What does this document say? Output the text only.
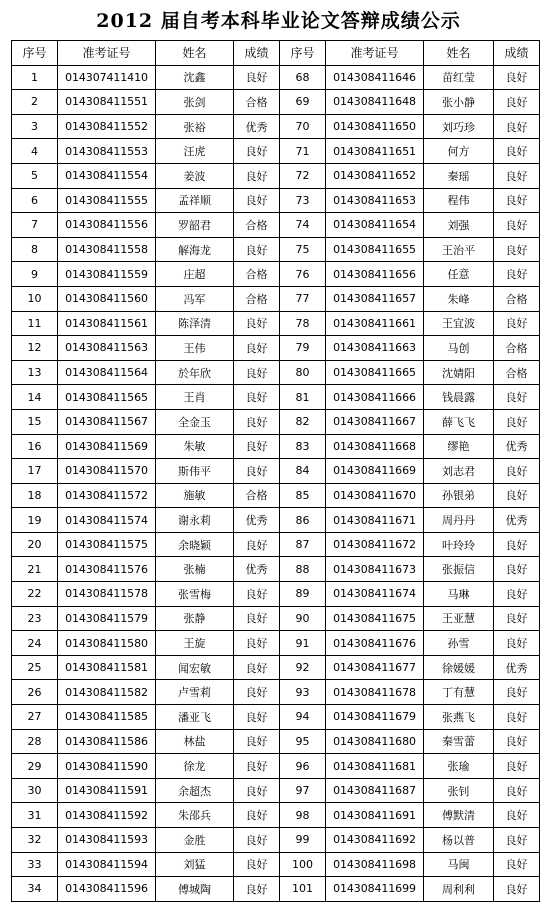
2012 届自考本科毕业论文答辩成绩公示
序号	准考证号	姓名	成绩	序号	准考证号	姓名	成绩
1	014307411410	沈鑫	良好	68	014308411646	苗红莹	良好
2	014308411551	张剑	合格	69	014308411648	张小静	良好
3	014308411552	张裕	优秀	70	014308411650	刘巧珍	良好
4	014308411553	汪虎	良好	71	014308411651	何方	良好
5	014308411554	姜波	良好	72	014308411652	秦瑶	良好
6	014308411555	孟祥顺	良好	73	014308411653	程伟	良好
7	014308411556	罗韶君	合格	74	014308411654	刘强	良好
8	014308411558	解海龙	良好	75	014308411655	王治平	良好
9	014308411559	庄超	合格	76	014308411656	任意	良好
10	014308411560	冯军	合格	77	014308411657	朱峰	合格
11	014308411561	陈泽清	良好	78	014308411661	王宜波	良好
12	014308411563	王伟	良好	79	014308411663	马创	合格
13	014308411564	於年欣	良好	80	014308411665	沈婧阳	合格
14	014308411565	王肖	良好	81	014308411666	钱晨露	良好
15	014308411567	全金玉	良好	82	014308411667	薛飞飞	良好
16	014308411569	朱敏	良好	83	014308411668	缪艳	优秀
17	014308411570	斯伟平	良好	84	014308411669	刘志君	良好
18	014308411572	施敏	合格	85	014308411670	孙银弟	良好
19	014308411574	谢永莉	优秀	86	014308411671	周丹丹	优秀
20	014308411575	余晓颖	良好	87	014308411672	叶玲玲	良好
21	014308411576	张楠	优秀	88	014308411673	张振信	良好
22	014308411578	张雪梅	良好	89	014308411674	马琳	良好
23	014308411579	张静	良好	90	014308411675	王亚慧	良好
24	014308411580	王旋	良好	91	014308411676	孙雪	良好
25	014308411581	闻宏敏	良好	92	014308411677	徐媛媛	优秀
26	014308411582	卢雪莉	良好	93	014308411678	丁有慧	良好
27	014308411585	潘亚飞	良好	94	014308411679	张燕飞	良好
28	014308411586	林盐	良好	95	014308411680	秦雪蕾	良好
29	014308411590	徐龙	良好	96	014308411681	张瑜	良好
30	014308411591	余超杰	良好	97	014308411687	张钊	良好
31	014308411592	朱邵兵	良好	98	014308411691	傅默清	良好
32	014308411593	金胜	良好	99	014308411692	杨以普	良好
33	014308411594	刘猛	良好	100	014308411698	马闽	良好
34	014308411596	傅城陶	良好	101	014308411699	周利利	良好
